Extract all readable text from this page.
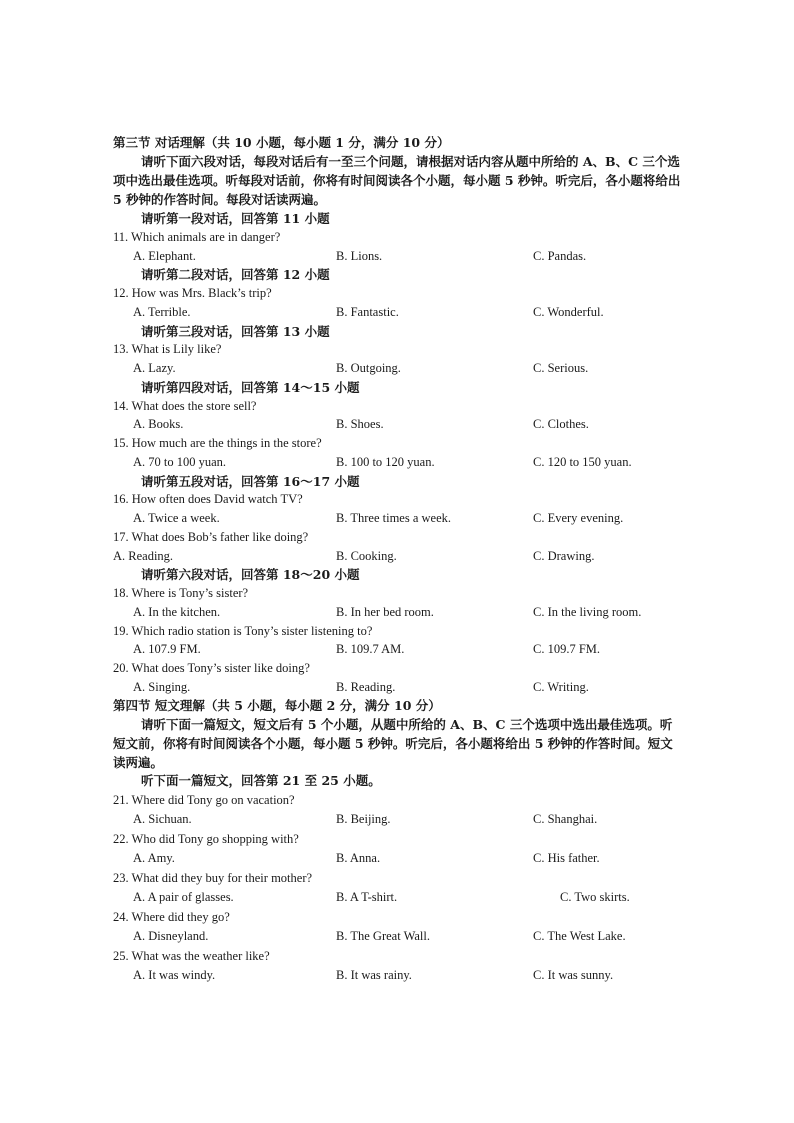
第三节 对话理解（共 10 小题，每小题 1 分，满分 10 分）
请听下面六段对话，每段对话后有一至三个问题，请根据对话内容从题中所给的 A、B、C 三个选项中选出最佳选项。听每段对话前，你将有时间阅读各个小题，每小题 5 秒钟。听完后，各小题将给出 5 秒钟的作答时间。每段对话读两遍。
请听第一段对话，回答第 11 小题
11. Which animals are in danger?
A. Elephant.	B. Lions.	C. Pandas.
请听第二段对话，回答第 12 小题
12. How was Mrs. Black’s trip?
A. Terrible.	B. Fantastic.	C. Wonderful.
请听第三段对话，回答第 13 小题
13. What is Lily like?
A. Lazy.	B. Outgoing.	C. Serious.
请听第四段对话，回答第 14～15 小题
14. What does the store sell?
A. Books.	B. Shoes.	C. Clothes.
15. How much are the things in the store?
A. 70 to 100 yuan.	B. 100 to 120 yuan.	C. 120 to 150 yuan.
请听第五段对话，回答第 16～17 小题
16. How often does David watch TV?
A. Twice a week.	B. Three times a week.	C. Every evening.
17. What does Bob’s father like doing?
A. Reading.	B. Cooking.	C. Drawing.
请听第六段对话，回答第 18～20 小题
18. Where is Tony’s sister?
A. In the kitchen.	B. In her bed room.	C. In the living room.
19. Which radio station is Tony’s sister listening to?
A. 107.9 FM.	B. 109.7 AM.	C. 109.7 FM.
20. What does Tony’s sister like doing?
A. Singing.	B. Reading.	C. Writing.
第四节 短文理解（共 5 小题，每小题 2 分，满分 10 分）
请听下面一篇短文，短文后有 5 个小题，从题中所给的 A、B、C 三个选项中选出最佳选项。听短文前，你将有时间阅读各个小题，每小题 5 秒钟。听完后，各小题将给出 5 秒钟的作答时间。短文读两遍。
听下面一篇短文，回答第 21 至 25 小题。
21. Where did Tony go on vacation?
A. Sichuan.	B. Beijing.	C. Shanghai.
22. Who did Tony go shopping with?
A. Amy.	B. Anna.	C. His father.
23. What did they buy for their mother?
A. A pair of glasses.	B. A T-shirt.	C. Two skirts.
24. Where did they go?
A. Disneyland.	B. The Great Wall.	C. The West Lake.
25. What was the weather like?
A. It was windy.	B. It was rainy.	C. It was sunny.
